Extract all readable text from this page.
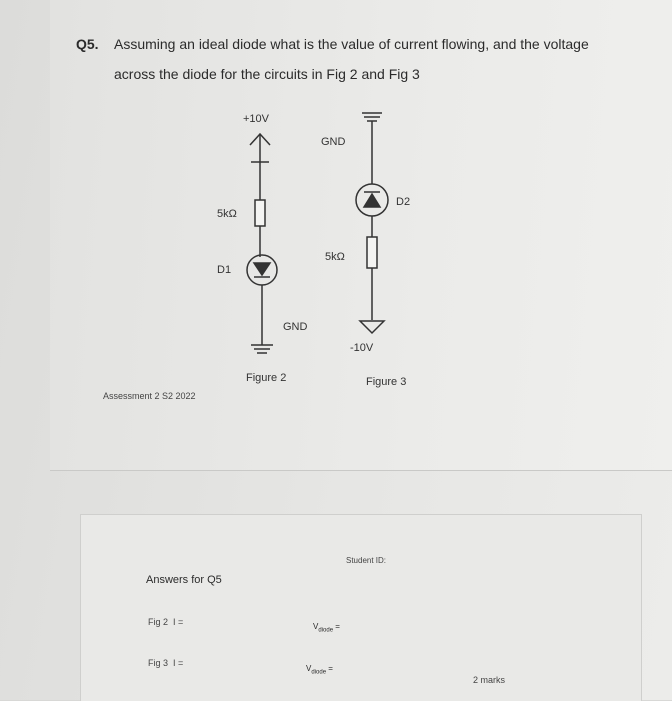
Q5. Assuming an ideal diode what is the value of current flowing, and the voltage
across the diode for the circuits in Fig 2 and Fig 3
+10V
5kΩ
D1
GND
Figure 2
GND
D2
5kΩ
-10V
Figure 3
Assessment 2 S2 2022
Student ID:
Answers for Q5
Fig 2 I =	$V_{diode}$ =
Fig 3 I =
$V_{diode}$ =
2 marks
